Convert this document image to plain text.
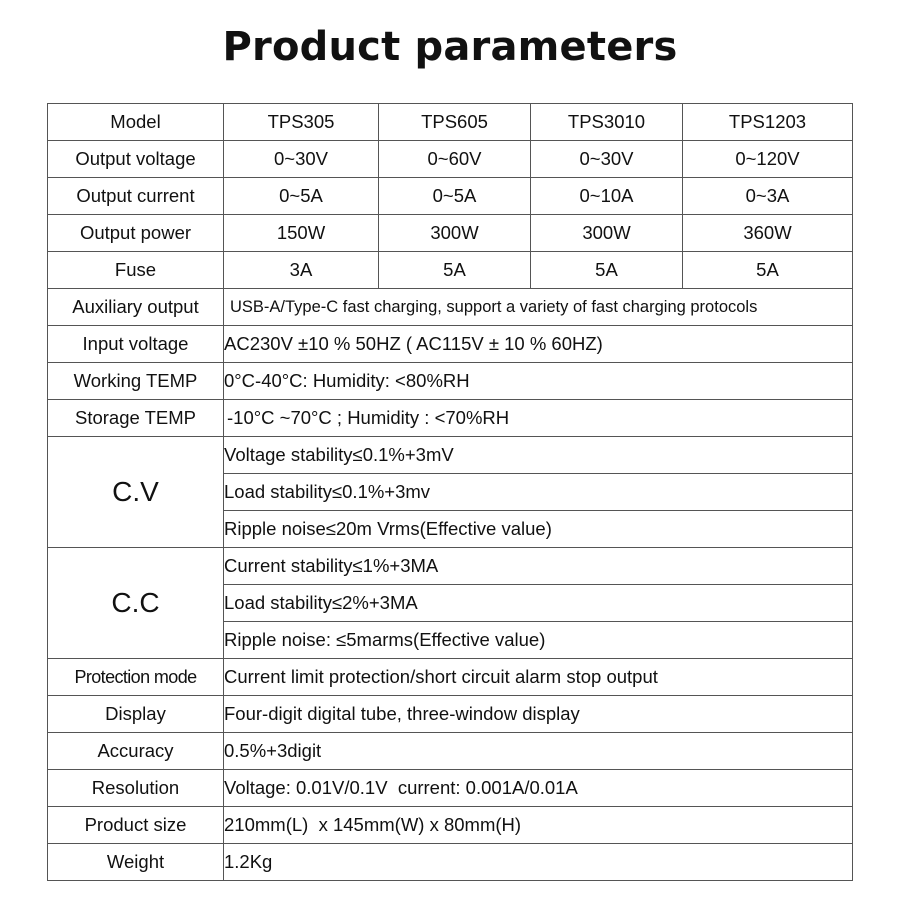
Product parameters
Model	TPS305	TPS605	TPS3010	TPS1203
Output voltage	0~30V	0~60V	0~30V	0~120V
Output current	0~5A	0~5A	0~10A	0~3A
Output power	150W	300W	300W	360W
Fuse	3A	5A	5A	5A
Auxiliary output	USB-A/Type-C fast charging, support a variety of fast charging protocols			
Input voltage	AC230V ±10 % 50HZ ( AC115V ± 10 % 60HZ)			
Working TEMP	0°C-40°C: Humidity: <80%RH			
Storage TEMP	-10°C ~70°C ; Humidity : <70%RH			
C.V	Voltage stability≤0.1%+3mV			
	Load stability≤0.1%+3mv			
	Ripple noise≤20m Vrms(Effective value)			
C.C	Current stability≤1%+3MA			
	Load stability≤2%+3MA			
	Ripple noise: ≤5marms(Effective value)			
Protection mode	Current limit protection/short circuit alarm stop output			
Display	Four-digit digital tube, three-window display			
Accuracy	0.5%+3digit			
Resolution	Voltage: 0.01V/0.1V  current: 0.001A/0.01A			
Product size	210mm(L)  x 145mm(W) x 80mm(H)			
Weight	1.2Kg			
